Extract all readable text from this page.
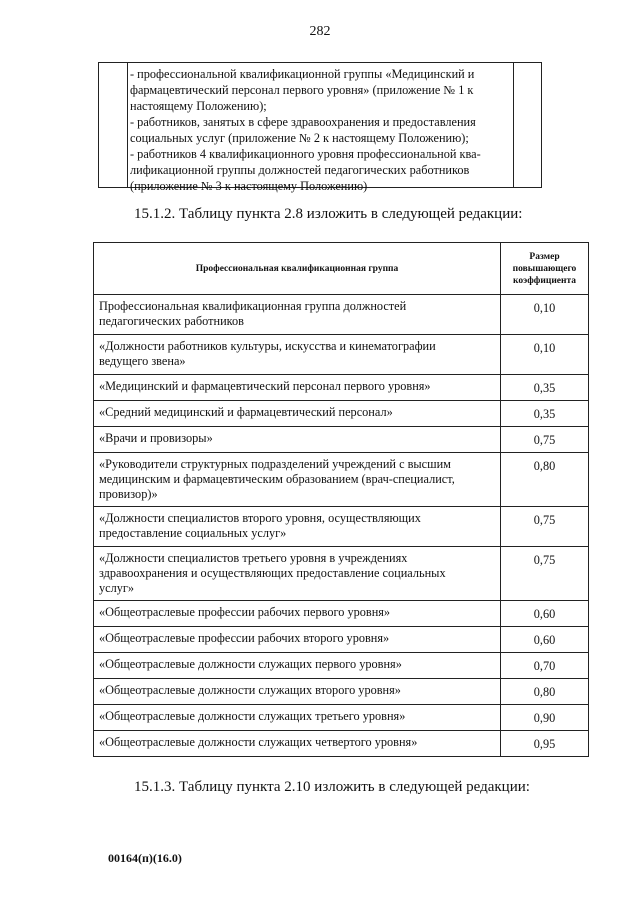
282
- профессиональной квалификационной группы «Медицинский и
фармацевтический персонал первого уровня» (приложение № 1 к
настоящему Положению);
- работников, занятых в сфере здравоохранения и предоставления
социальных услуг (приложение № 2 к настоящему Положению);
- работников 4 квалификационного уровня профессиональной ква-
лификационной группы должностей педагогических работников
(приложение № 3 к настоящему Положению)
15.1.2. Таблицу пункта 2.8 изложить в следующей редакции:
Профессиональная квалификационная группа	Размер
повышающего
коэффициента

Профессиональная квалификационная группа должностей
педагогических работников	0,10

«Должности работников культуры, искусства и кинематографии
ведущего звена»	0,10

«Медицинский и фармацевтический персонал первого уровня»	0,35

«Средний медицинский и фармацевтический персонал»	0,35

«Врачи и провизоры»	0,75

«Руководители структурных подразделений учреждений с высшим
медицинским и фармацевтическим образованием (врач-специалист,
провизор)»	0,80

«Должности специалистов второго уровня, осуществляющих
предоставление социальных услуг»	0,75

«Должности специалистов третьего уровня в учреждениях
здравоохранения и осуществляющих предоставление социальных
услуг»	0,75

«Общеотраслевые профессии рабочих первого уровня»	0,60

«Общеотраслевые профессии рабочих второго уровня»	0,60

«Общеотраслевые должности служащих первого уровня»	0,70

«Общеотраслевые должности служащих второго уровня»	0,80

«Общеотраслевые должности служащих третьего уровня»	0,90

«Общеотраслевые должности служащих четвертого уровня»	0,95
15.1.3. Таблицу пункта 2.10 изложить в следующей редакции:
00164(п)(16.0)
